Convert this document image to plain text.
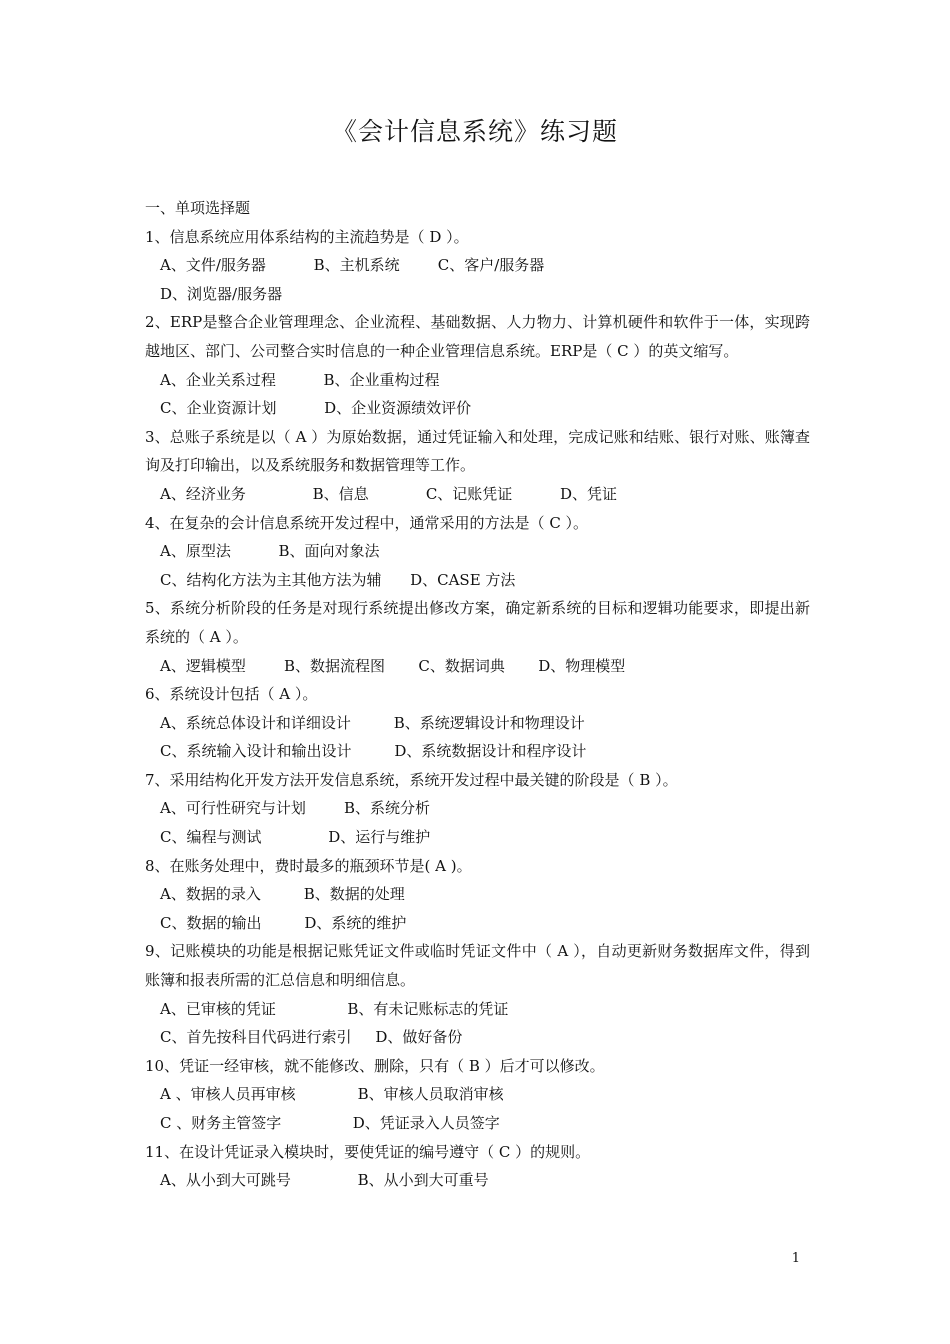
《会计信息系统》练习题
一、单项选择题
1、信息系统应用体系结构的主流趋势是（ D ）。
A、文件/服务器          B、主机系统        C、客户/服务器
D、浏览器/服务器
2、ERP是整合企业管理理念、企业流程、基础数据、人力物力、计算机硬件和软件于一体，实现跨越地区、部门、公司整合实时信息的一种企业管理信息系统。ERP是（ C ）的英文缩写。
A、企业关系过程          B、企业重构过程
C、企业资源计划          D、企业资源绩效评价
3、总账子系统是以（ A ）为原始数据，通过凭证输入和处理，完成记账和结账、银行对账、账簿查询及打印输出，以及系统服务和数据管理等工作。
A、经济业务              B、信息            C、记账凭证          D、凭证
4、在复杂的会计信息系统开发过程中，通常采用的方法是（ C ）。
A、原型法          B、面向对象法
C、结构化方法为主其他方法为辅      D、CASE 方法
5、系统分析阶段的任务是对现行系统提出修改方案，确定新系统的目标和逻辑功能要求，即提出新系统的（ A ）。
A、逻辑模型        B、数据流程图       C、数据词典       D、物理模型
6、系统设计包括（ A ）。
A、系统总体设计和详细设计         B、系统逻辑设计和物理设计
C、系统输入设计和输出设计         D、系统数据设计和程序设计
7、采用结构化开发方法开发信息系统，系统开发过程中最关键的阶段是（ B ）。
A、可行性研究与计划        B、系统分析
C、编程与测试              D、运行与维护
8、在账务处理中，费时最多的瓶颈环节是( A )。
A、数据的录入         B、数据的处理
C、数据的输出         D、系统的维护
9、记账模块的功能是根据记账凭证文件或临时凭证文件中（ A ），自动更新财务数据库文件，得到账簿和报表所需的汇总信息和明细信息。
A、已审核的凭证               B、有未记账标志的凭证
C、首先按科目代码进行索引     D、做好备份
10、凭证一经审核，就不能修改、删除，只有（ B ）后才可以修改。
A 、审核人员再审核             B、审核人员取消审核
C 、财务主管签字               D、凭证录入人员签字
11、在设计凭证录入模块时，要使凭证的编号遵守（ C ）的规则。
A、从小到大可跳号              B、从小到大可重号
1
